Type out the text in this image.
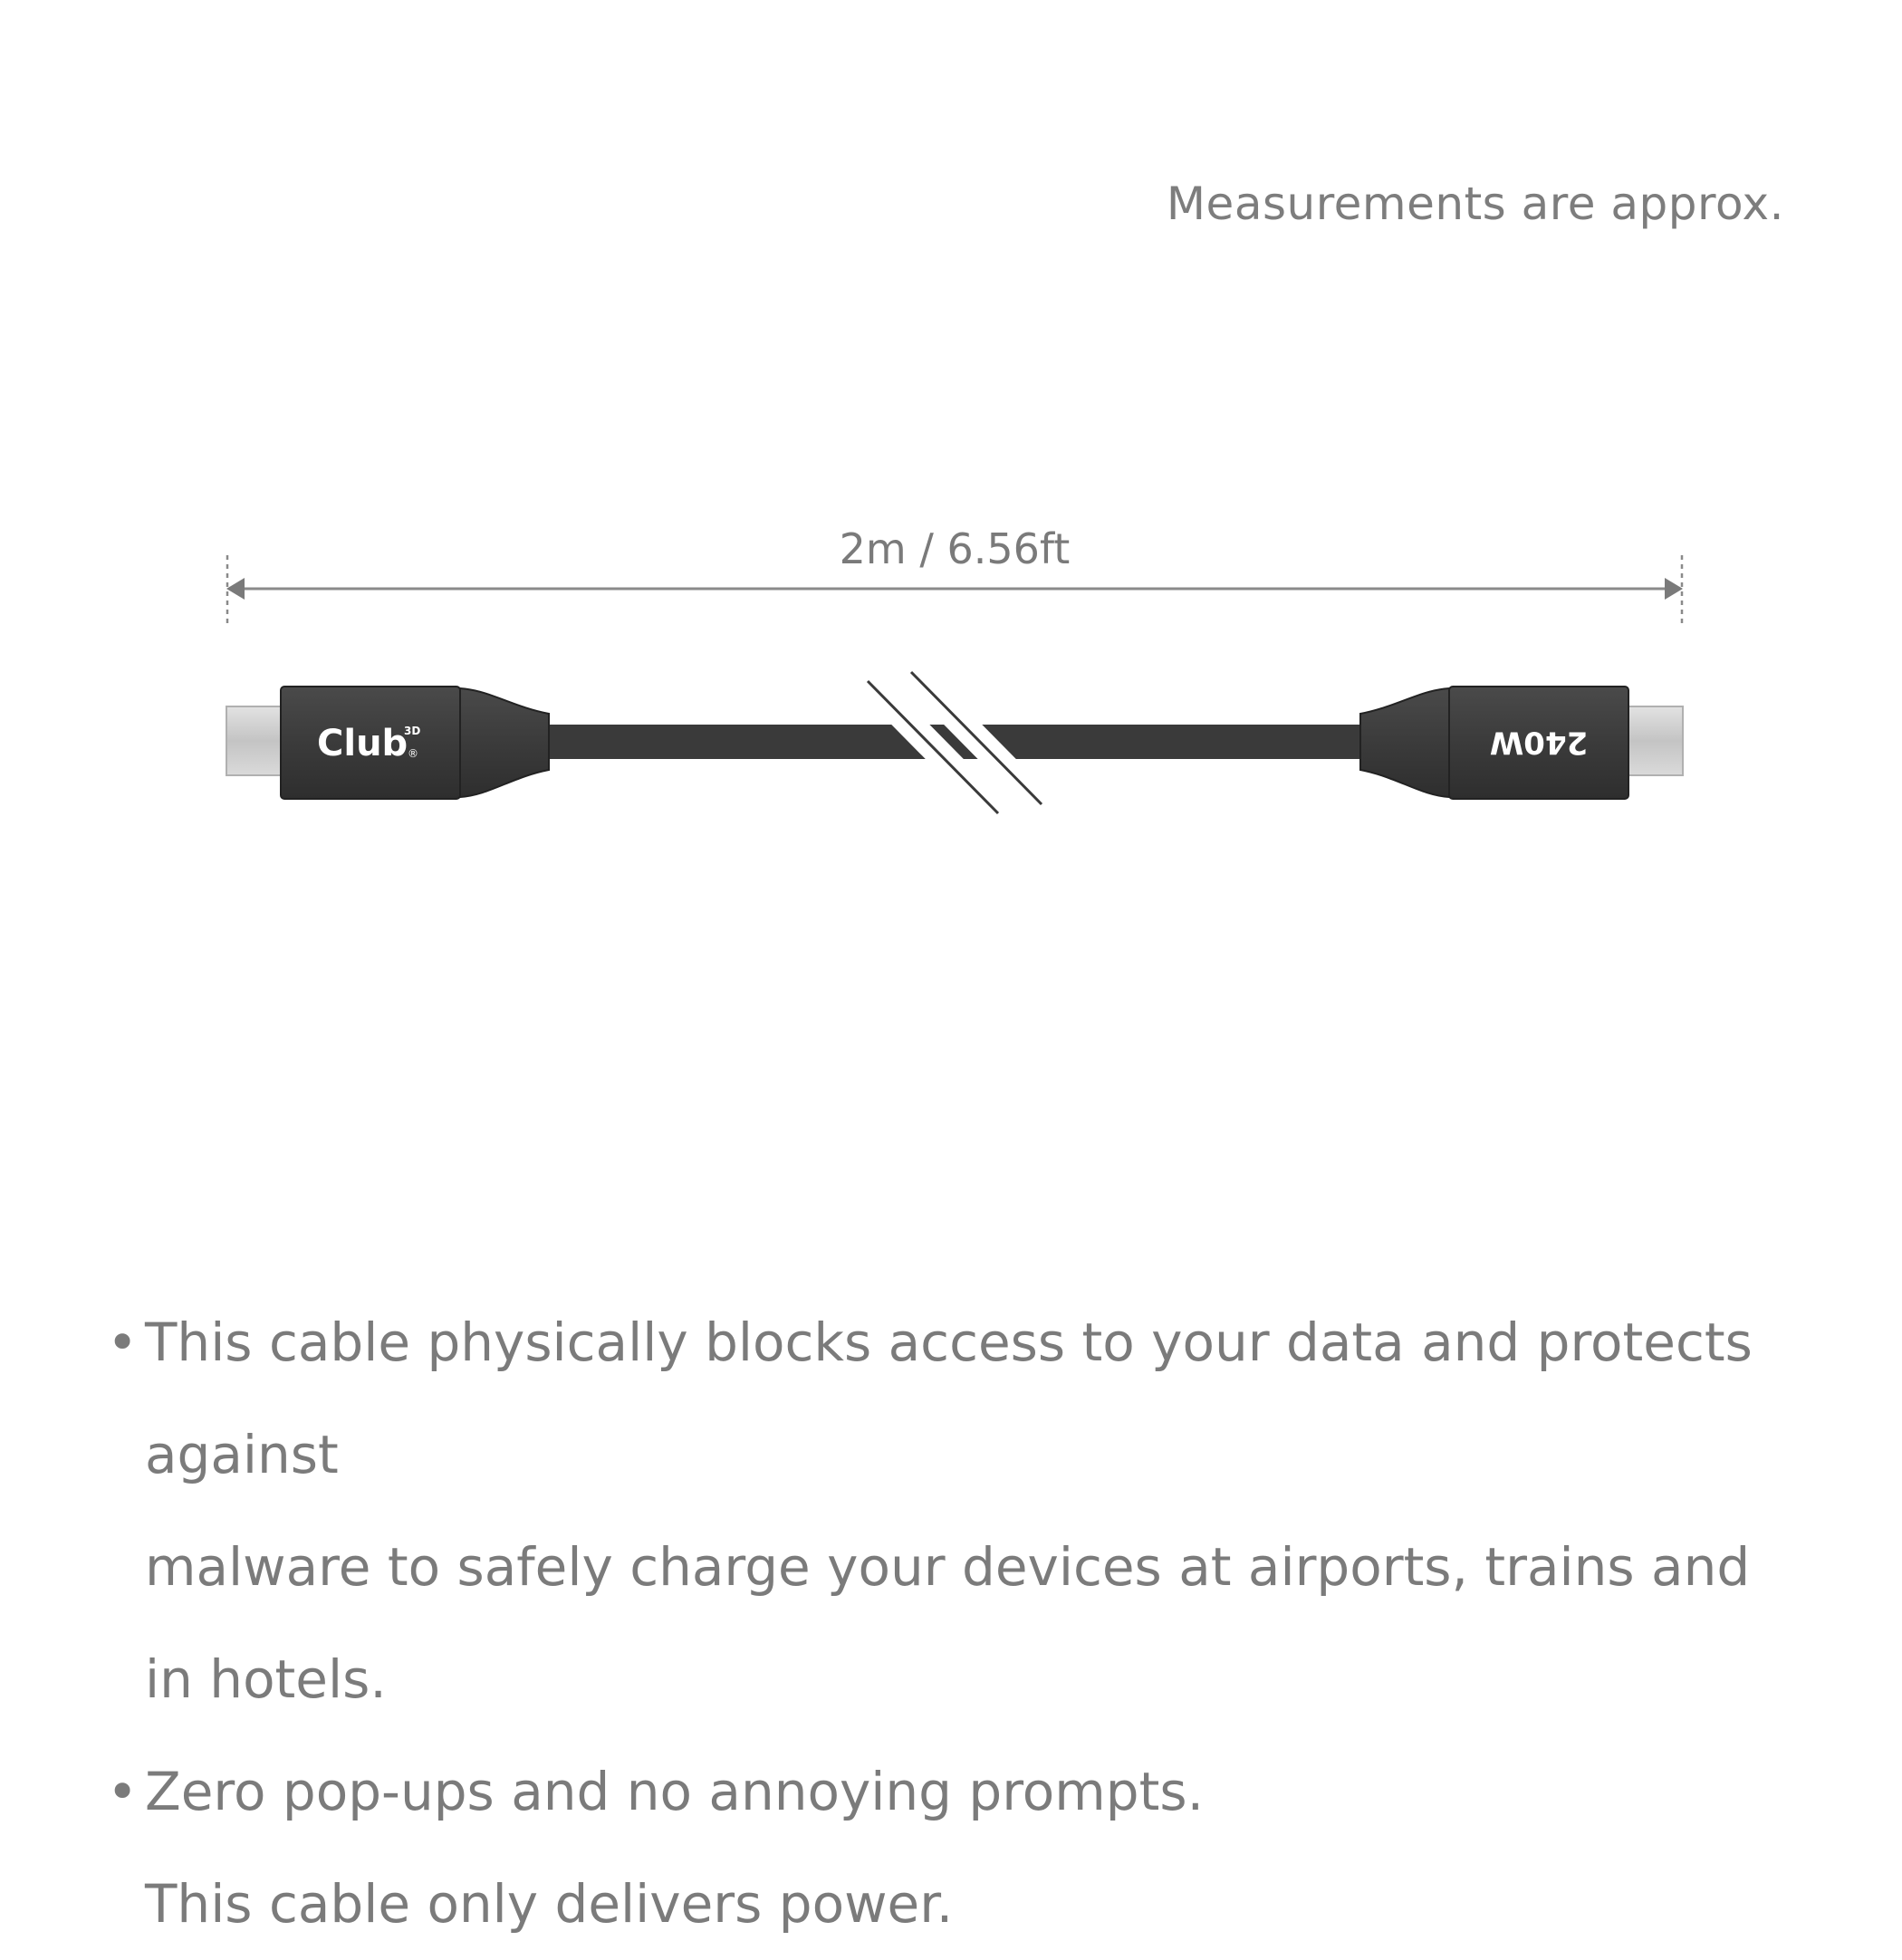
Measurements are approx.
2m / 6.56ft
Club
3D
®	240W
• This cable physically blocks access to your data and protects against
malware to safely charge your devices at airports, trains and in hotels.
• Zero pop-ups and no annoying prompts.
This cable only delivers power.
